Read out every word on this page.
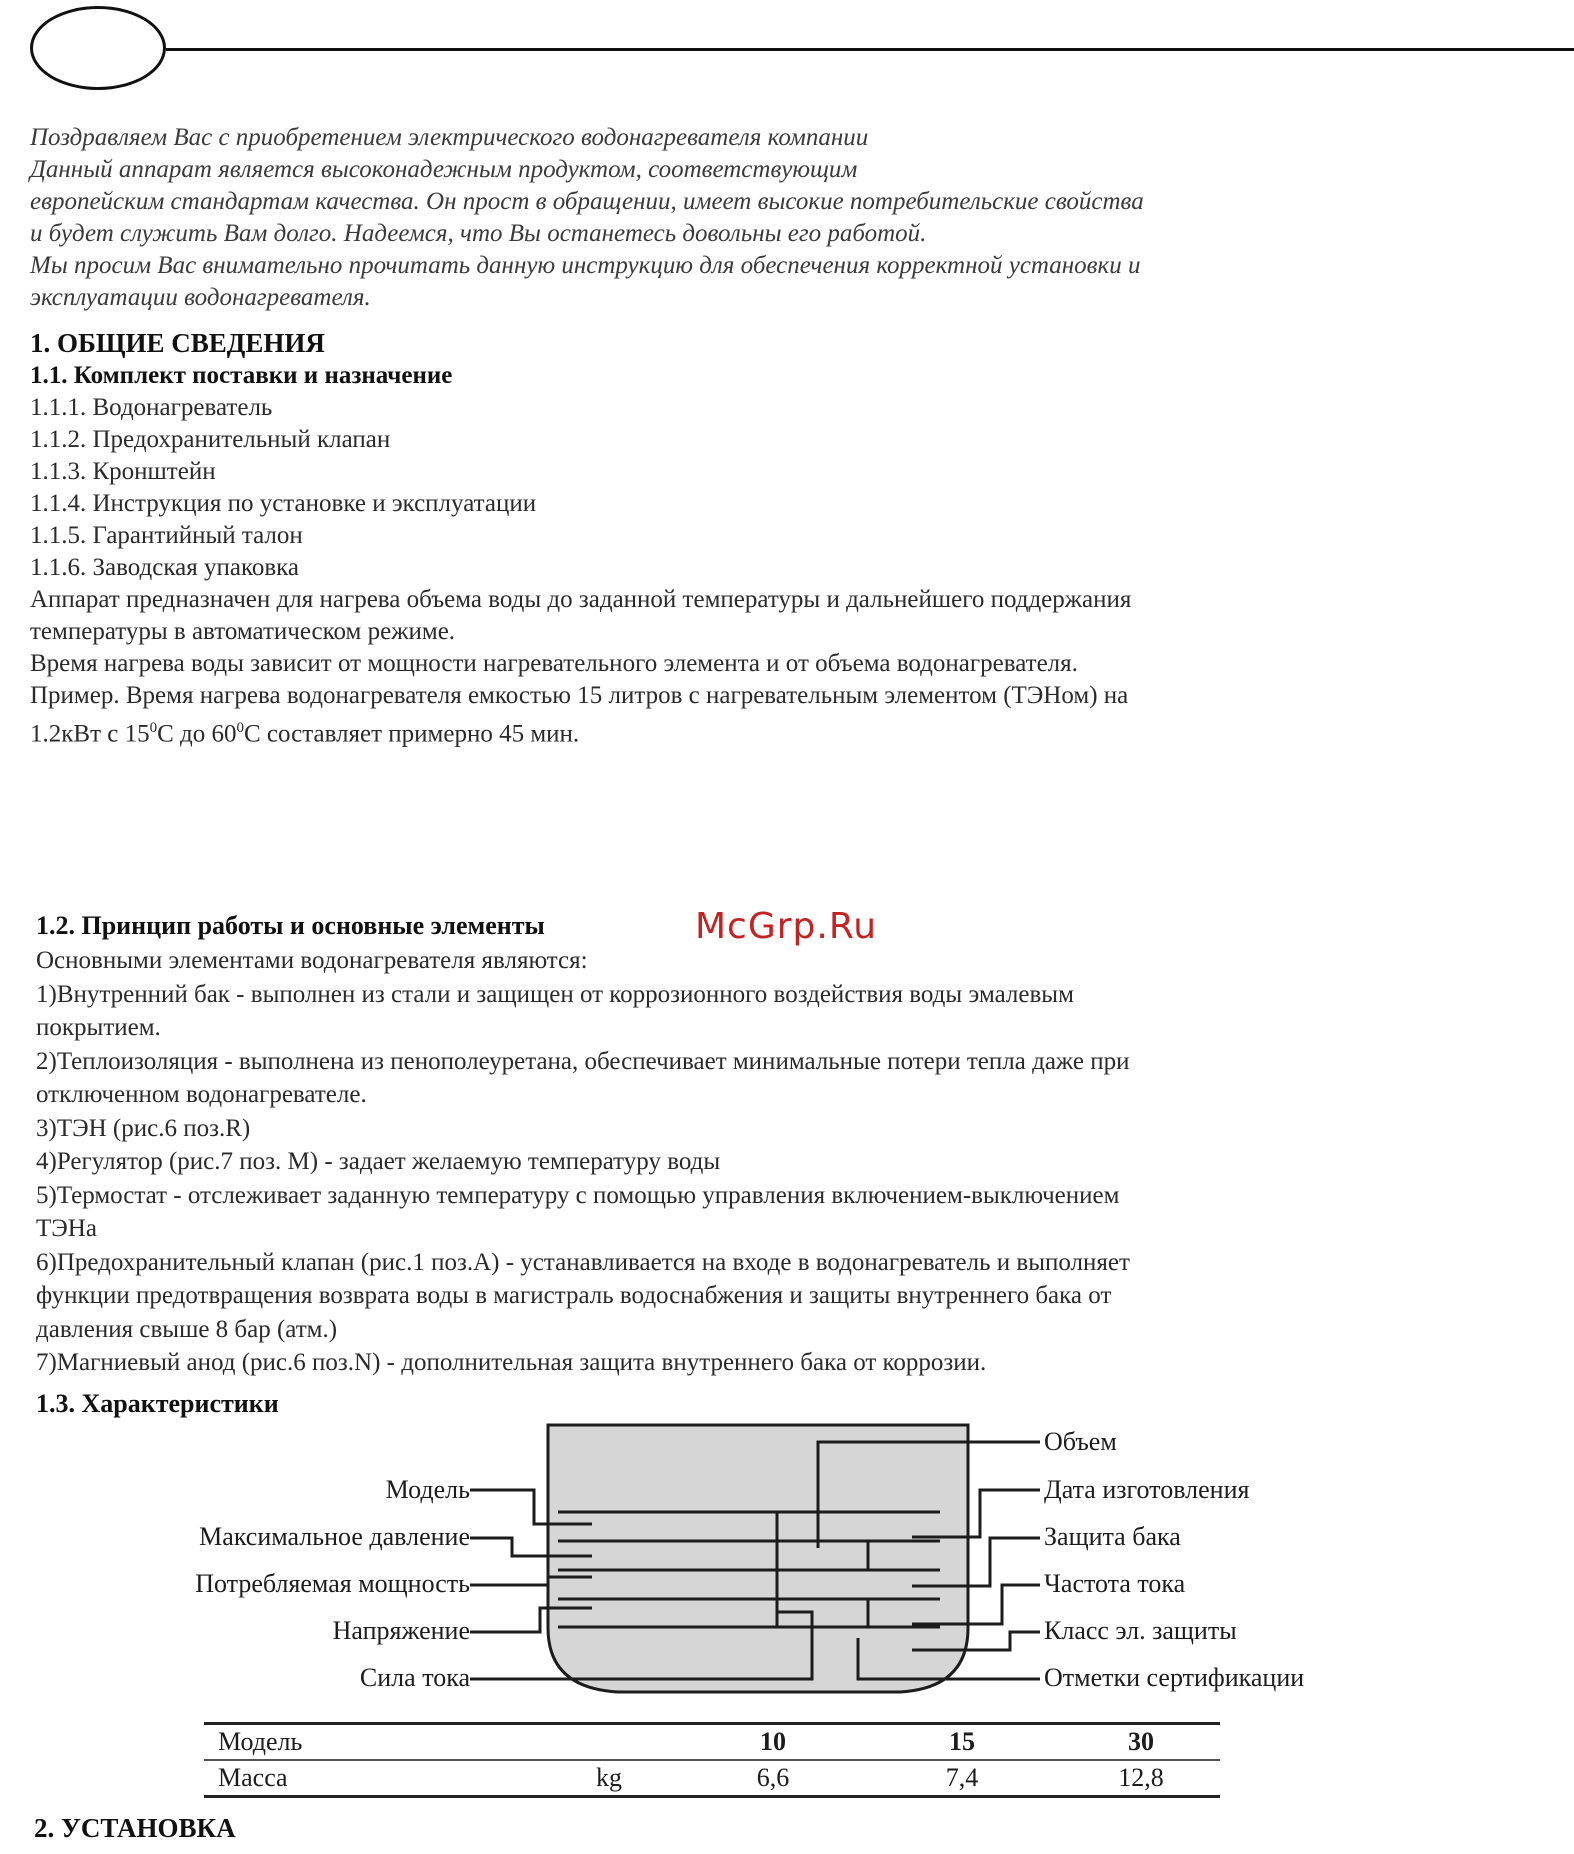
Поздравляем Вас с приобретением электрического водонагревателя компании
Данный аппарат является высоконадежным продуктом, соответствующим
европейским стандартам качества. Он прост в обращении, имеет высокие потребительские свойства
и будет служить Вам долго. Надеемся, что Вы останетесь довольны его работой.
Мы просим Вас внимательно прочитать данную инструкцию для обеспечения корректной установки и
эксплуатации водонагревателя.
1. ОБЩИЕ СВЕДЕНИЯ
1.1. Комплект поставки и назначение
1.1.1. Водонагреватель
1.1.2. Предохранительный клапан
1.1.3. Кронштейн
1.1.4. Инструкция по установке и эксплуатации
1.1.5. Гарантийный талон
1.1.6. Заводская упаковка
Аппарат предназначен для нагрева объема воды до заданной температуры и дальнейшего поддержания
температуры в автоматическом режиме.
Время нагрева воды зависит от мощности нагревательного элемента и от объема водонагревателя.
Пример. Время нагрева водонагревателя емкостью 15 литров с нагревательным элементом (ТЭНом) на
1.2кВт с $15^0С$ до $60^0С$ составляет примерно 45 мин.
1.2. Принцип работы и основные элементы	McGrp.Ru
Основными элементами водонагревателя являются:
1)Внутренний бак - выполнен из стали и защищен от коррозионного воздействия воды эмалевым
покрытием.
2)Теплоизоляция - выполнена из пенополеуретана, обеспечивает минимальные потери тепла даже при
отключенном водонагревателе.
3)ТЭН (рис.6 поз.R)
4)Регулятор (рис.7 поз. M) - задает желаемую температуру воды
5)Термостат - отслеживает заданную температуру с помощью управления включением-выключением
ТЭНа
6)Предохранительный клапан (рис.1 поз.А) - устанавливается на входе в водонагреватель и выполняет
функции предотвращения возврата воды в магистраль водоснабжения и защиты внутреннего бака от
давления свыше 8 бар (атм.)
7)Магниевый анод (рис.6 поз.N) - дополнительная защита внутреннего бака от коррозии.
1.3. Характеристики
Модель
Максимальное давление
Потребляемая мощность
Напряжение
Сила тока
Объем
Дата изготовления
Защита бака
Частота тока
Класс эл. защиты
Отметки сертификации
Модель		10	15	30
Масса	kg	6,6	7,4	12,8
2. УСТАНОВКА
